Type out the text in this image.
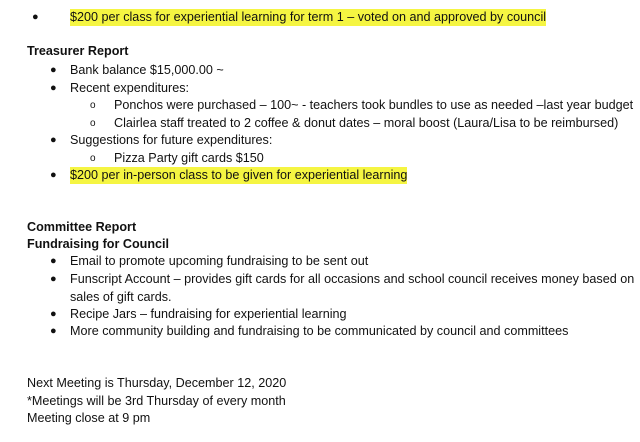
● $200 per class for experiential learning for term 1 – voted on and approved by council
Treasurer Report
● Bank balance $15,000.00 ~
● Recent expenditures:
o Ponchos were purchased – 100~ - teachers took bundles to use as needed –last year budget
o Clairlea staff treated to 2 coffee & donut dates – moral boost (Laura/Lisa to be reimbursed)
● Suggestions for future expenditures:
o Pizza Party gift cards $150
● $200 per in-person class to be given for experiential learning
Committee Report
Fundraising for Council
● Email to promote upcoming fundraising to be sent out
● Funscript Account – provides gift cards for all occasions and school council receives money based on
sales of gift cards.
● Recipe Jars – fundraising for experiential learning
● More community building and fundraising to be communicated by council and committees
Next Meeting is Thursday, December 12, 2020
*Meetings will be 3rd Thursday of every month
Meeting close at 9 pm
